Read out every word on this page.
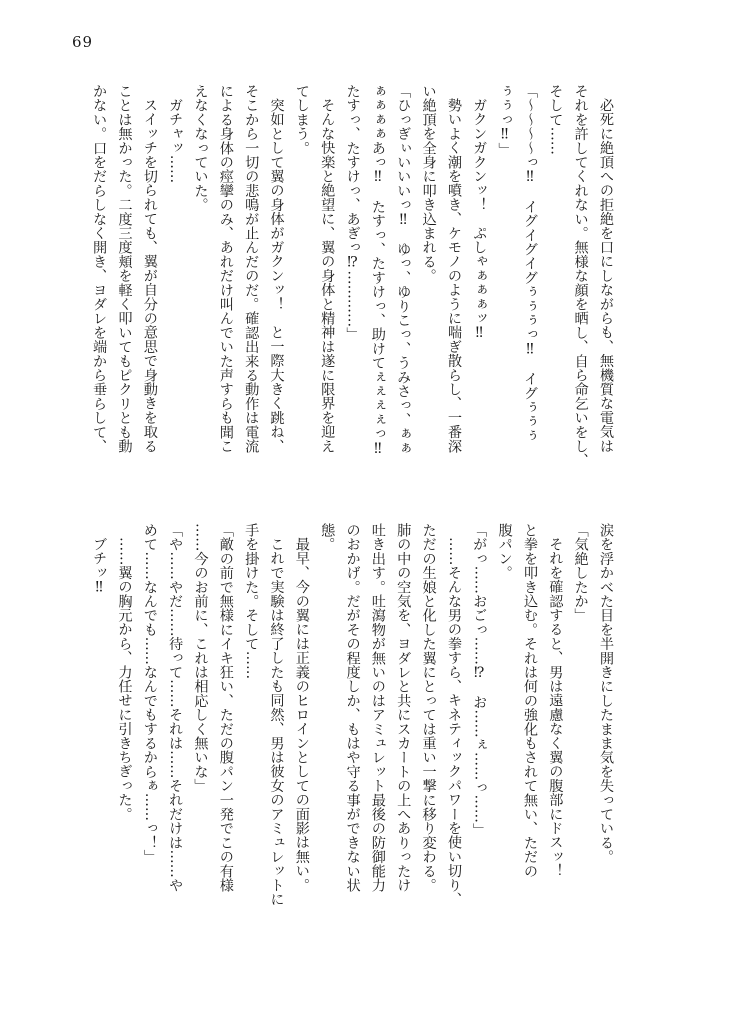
69
必死に絶頂への拒絶を口にしながらも、無機質な電気は
それを許してくれない。無様な顔を晒し、自ら命乞いをし、
そして……
「～～～～っ‼　イグイグイグぅぅぅっ‼　イグぅぅぅ
ぅぅっ‼」
ガクンガクンッ！　ぷしゃぁぁぁッ‼
勢いよく潮を噴き、ケモノのように喘ぎ散らし、一番深
い絶頂を全身に叩き込まれる。
「ひっぎぃいいいっ‼　ゆっ、ゆりこっ、うみさっ、ぁぁ
ぁぁぁぁあっ‼　たすっ、たすけっ、助けてぇぇぇぇっ‼
たすっ、たすけっ、あぎっ⁉…………」
そんな快楽と絶望に、翼の身体と精神は遂に限界を迎え
てしまう。
突如として翼の身体がガクンッ！　と一際大きく跳ね、
そこから一切の悲鳴が止んだのだ。確認出来る動作は電流
による身体の痙攣のみ、あれだけ叫んでいた声すらも聞こ
えなくなっていた。
ガチャッ……
スイッチを切られても、翼が自分の意思で身動きを取る
ことは無かった。二度三度頬を軽く叩いてもピクリとも動
かない。口をだらしなく開き、ヨダレを端から垂らして、
涙を浮かべた目を半開きにしたまま気を失っている。
「気絶したか」
それを確認すると、男は遠慮なく翼の腹部にドスッ！
と拳を叩き込む。それは何の強化もされて無い、ただの
腹パン。
「がっ……おごっ……⁉　お……ぇ……っ……」
……そんな男の拳すら、キネティックパワーを使い切り、
ただの生娘と化した翼にとっては重い一撃に移り変わる。
肺の中の空気を、ヨダレと共にスカートの上へありったけ
吐き出す。吐瀉物が無いのはアミュレット最後の防御能力
のおかげ。だがその程度しか、もはや守る事ができない状
態。
最早、今の翼には正義のヒロインとしての面影は無い。
これで実験は終了したも同然、男は彼女のアミュレットに
手を掛けた。そして……
「敵の前で無様にイキ狂い、ただの腹パン一発でこの有様
……今のお前に、これは相応しく無いな」
「や……やだ……待って……それは……それだけは……や
めて……なんでも……なんでもするからぁ……っ！」
……翼の胸元から、力任せに引きちぎった。
ブチッ‼
